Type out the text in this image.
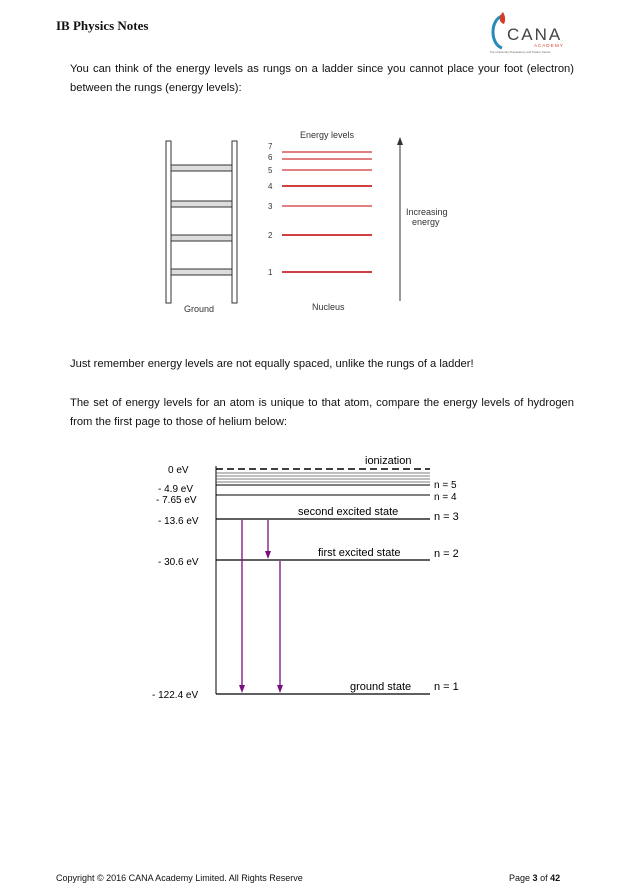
IB Physics Notes	CANA
A C A D E M Y
Pre-University Preparatory and Tuition Centre
You can think of the energy levels as rungs on a ladder since you cannot place your foot (electron) between the rungs (energy levels):
Ground
Energy levels
7
6
5
4
3
2
1
Nucleus
Increasing
energy
Just remember energy levels are not equally spaced, unlike the rungs of a ladder!
The set of energy levels for an atom is unique to that atom, compare the energy levels of hydrogen from the first page to those of helium below:
ionization
0 eV
- 4.9 eV	n = 5
- 7.65 eV	n = 4
- 13.6 eV
second excited state	n = 3
- 30.6 eV
first excited state	n = 2
- 122.4 eV
ground state n = 1
Copyright © 2016 CANA Academy Limited. All Rights Reserve	Page 3 of 42
